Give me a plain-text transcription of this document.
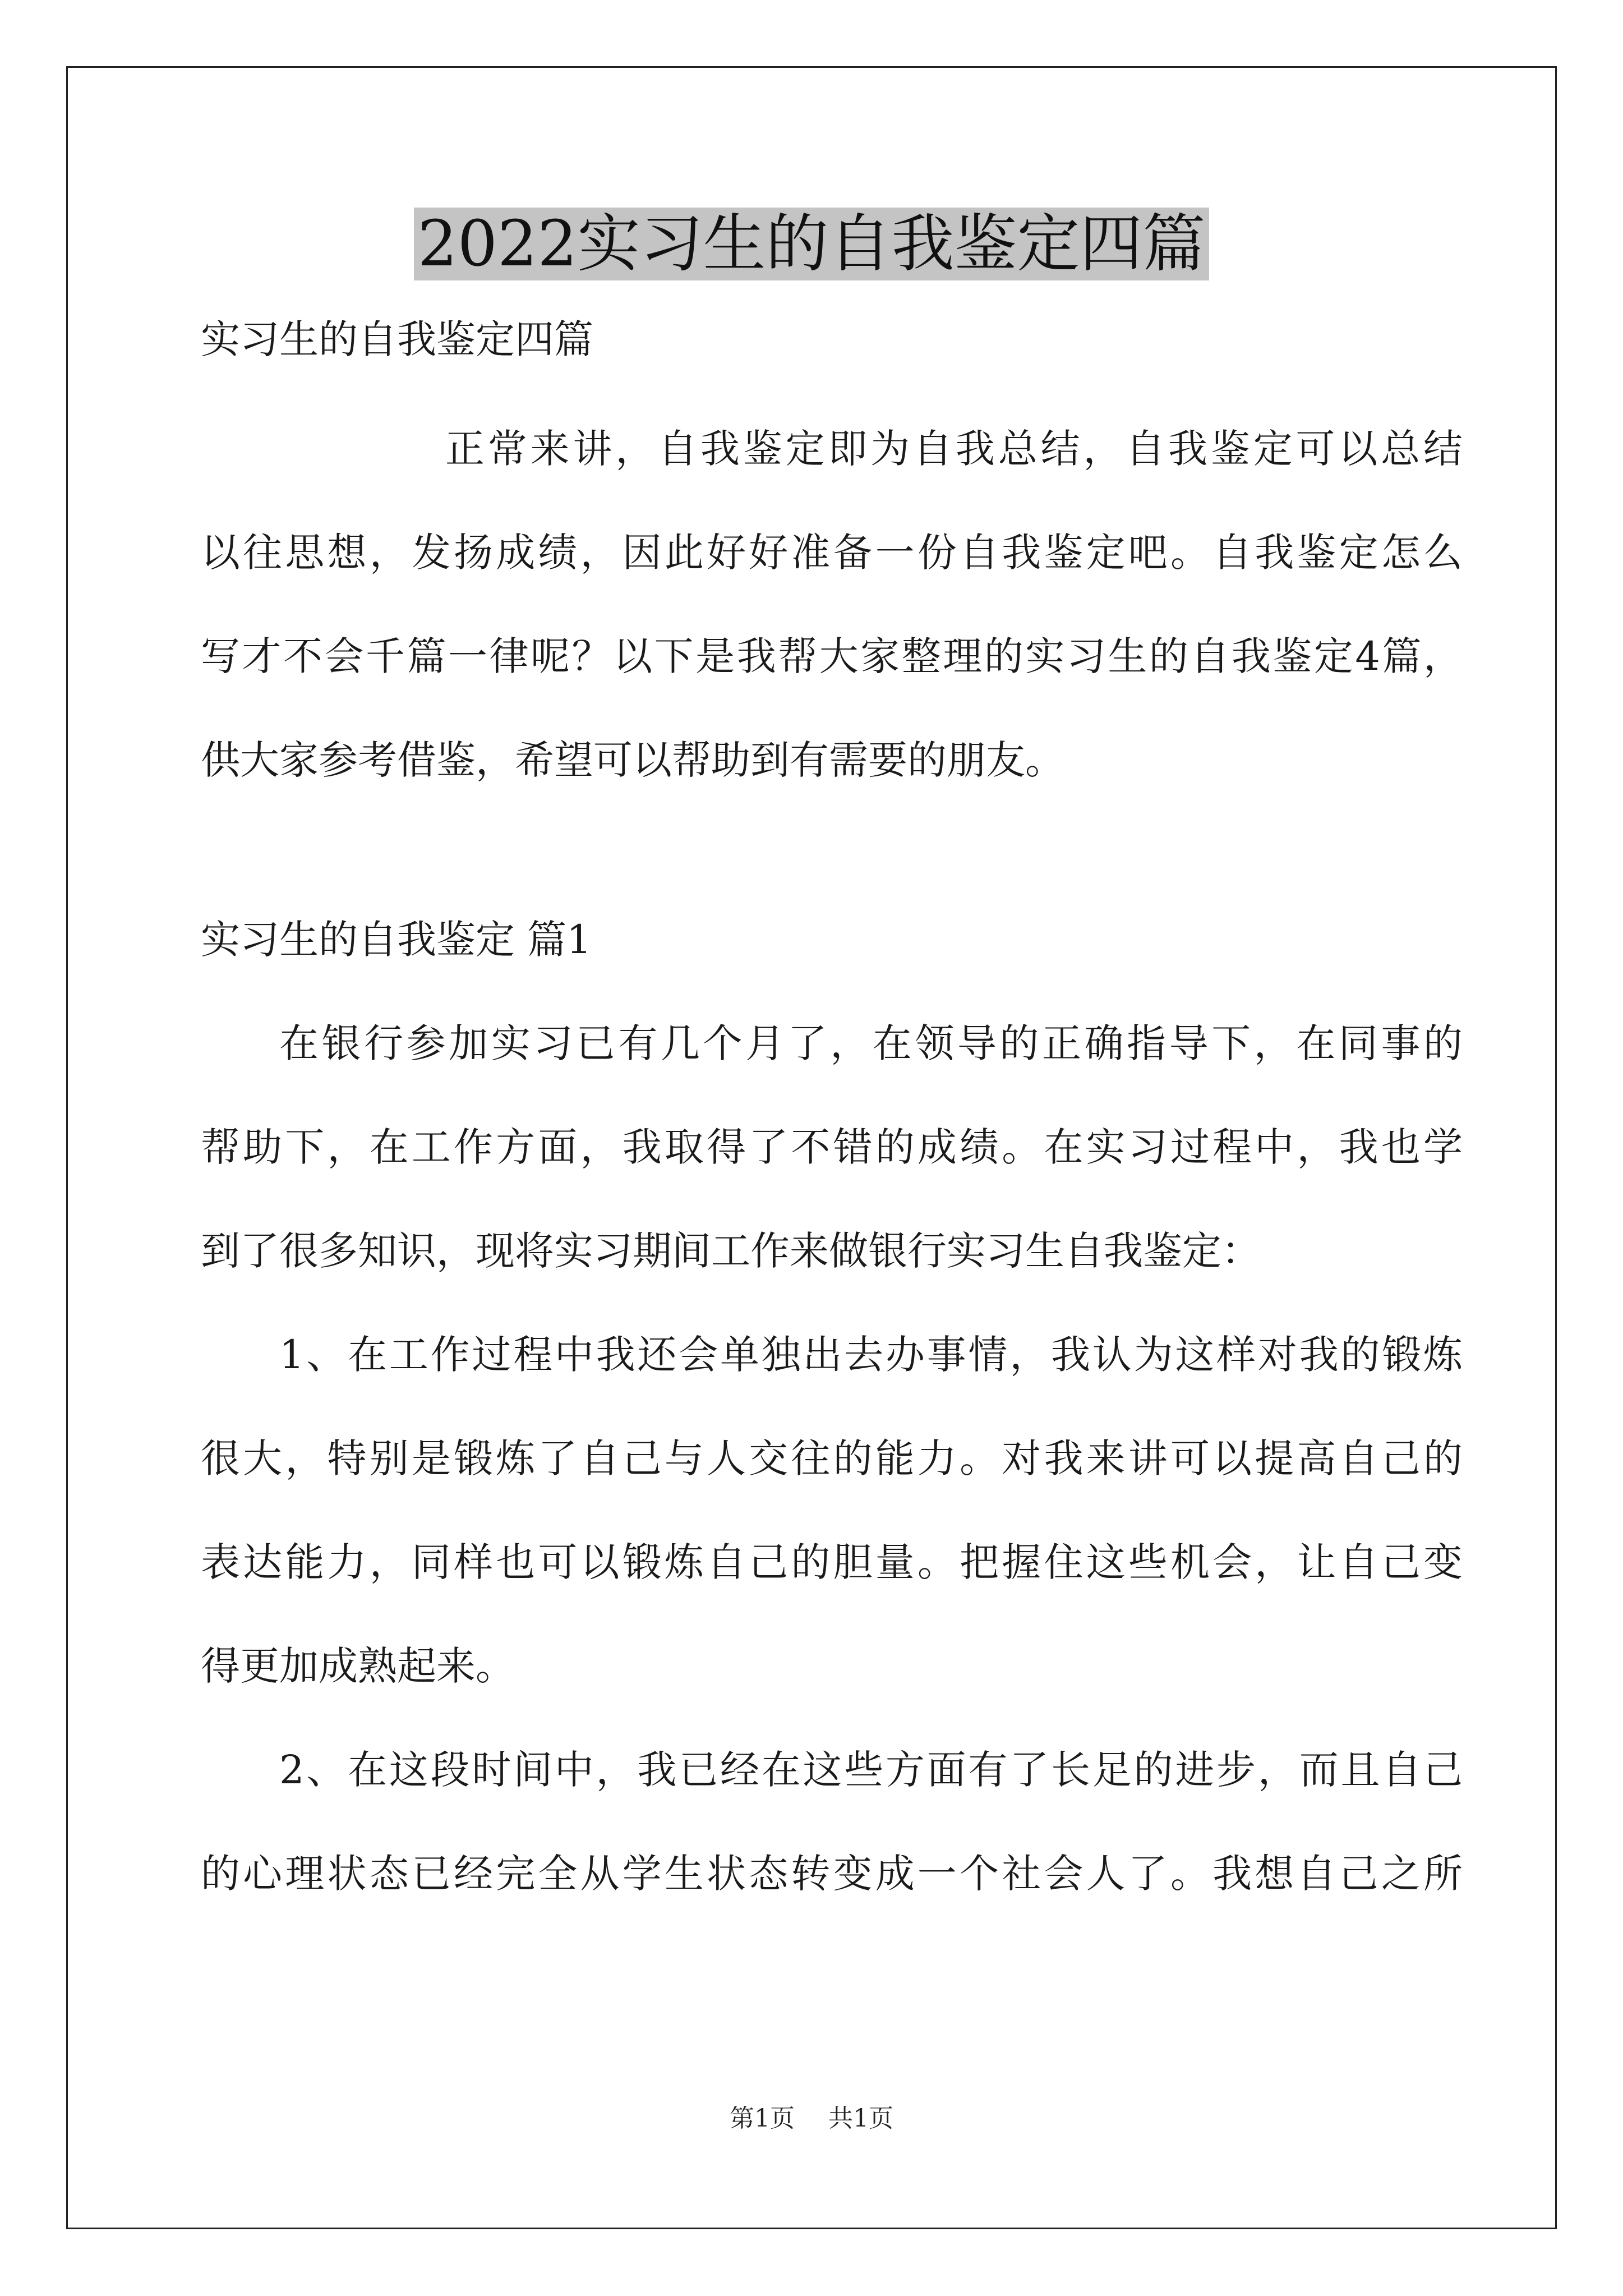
2022实习生的自我鉴定四篇
实习生的自我鉴定四篇
正常来讲，自我鉴定即为自我总结，自我鉴定可以总结
以往思想，发扬成绩，因此好好准备一份自我鉴定吧。自我鉴定怎么
写才不会千篇一律呢？以下是我帮大家整理的实习生的自我鉴定4篇，
供大家参考借鉴，希望可以帮助到有需要的朋友。
实习生的自我鉴定 篇1
在银行参加实习已有几个月了，在领导的正确指导下，在同事的
帮助下，在工作方面，我取得了不错的成绩。在实习过程中，我也学
到了很多知识，现将实习期间工作来做银行实习生自我鉴定：
1、在工作过程中我还会单独出去办事情，我认为这样对我的锻炼
很大，特别是锻炼了自己与人交往的能力。对我来讲可以提高自己的
表达能力，同样也可以锻炼自己的胆量。把握住这些机会，让自己变
得更加成熟起来。
2、在这段时间中，我已经在这些方面有了长足的进步，而且自己
的心理状态已经完全从学生状态转变成一个社会人了。我想自己之所
第1页 共1页
